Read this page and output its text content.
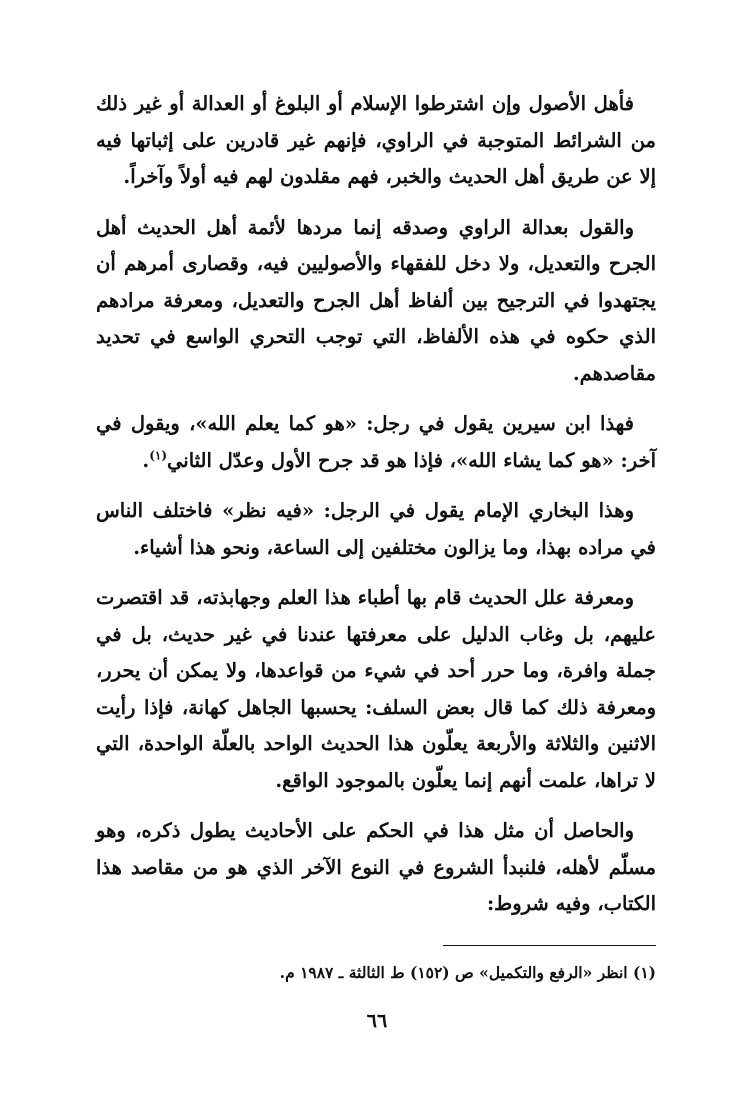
فأهل الأصول وإن اشترطوا الإسلام أو البلوغ أو العدالة أو غير ذلك من الشرائط المتوجبة في الراوي، فإنهم غير قادرين على إثباتها فيه إلا عن طريق أهل الحديث والخبر، فهم مقلدون لهم فيه أولاً وآخراً.

والقول بعدالة الراوي وصدقه إنما مردها لأئمة أهل الحديث أهل الجرح والتعديل، ولا دخل للفقهاء والأصوليين فيه، وقصارى أمرهم أن يجتهدوا في الترجيح بين ألفاظ أهل الجرح والتعديل، ومعرفة مرادهم الذي حكوه في هذه الألفاظ، التي توجب التحري الواسع في تحديد مقاصدهم.

فهذا ابن سيرين يقول في رجل: «هو كما يعلم الله»، ويقول في آخر: «هو كما يشاء الله»، فإذا هو قد جرح الأول وعدّل الثاني$^{(١)}$.

وهذا البخاري الإمام يقول في الرجل: «فيه نظر» فاختلف الناس في مراده بهذا، وما يزالون مختلفين إلى الساعة، ونحو هذا أشياء.

ومعرفة علل الحديث قام بها أطباء هذا العلم وجهابذته، قد اقتصرت عليهم، بل وغاب الدليل على معرفتها عندنا في غير حديث، بل في جملة وافرة، وما حرر أحد في شيء من قواعدها، ولا يمكن أن يحرر، ومعرفة ذلك كما قال بعض السلف: يحسبها الجاهل كهانة، فإذا رأيت الاثنين والثلاثة والأربعة يعلّون هذا الحديث الواحد بالعلّة الواحدة، التي لا تراها، علمت أنهم إنما يعلّون بالموجود الواقع.

والحاصل أن مثل هذا في الحكم على الأحاديث يطول ذكره، وهو مسلّم لأهله، فلنبدأ الشروع في النوع الآخر الذي هو من مقاصد هذا الكتاب، وفيه شروط:

(١) انظر «الرفع والتكميل» ص (١٥٢) ط الثالثة ـ ١٩٨٧ م.
٦٦
